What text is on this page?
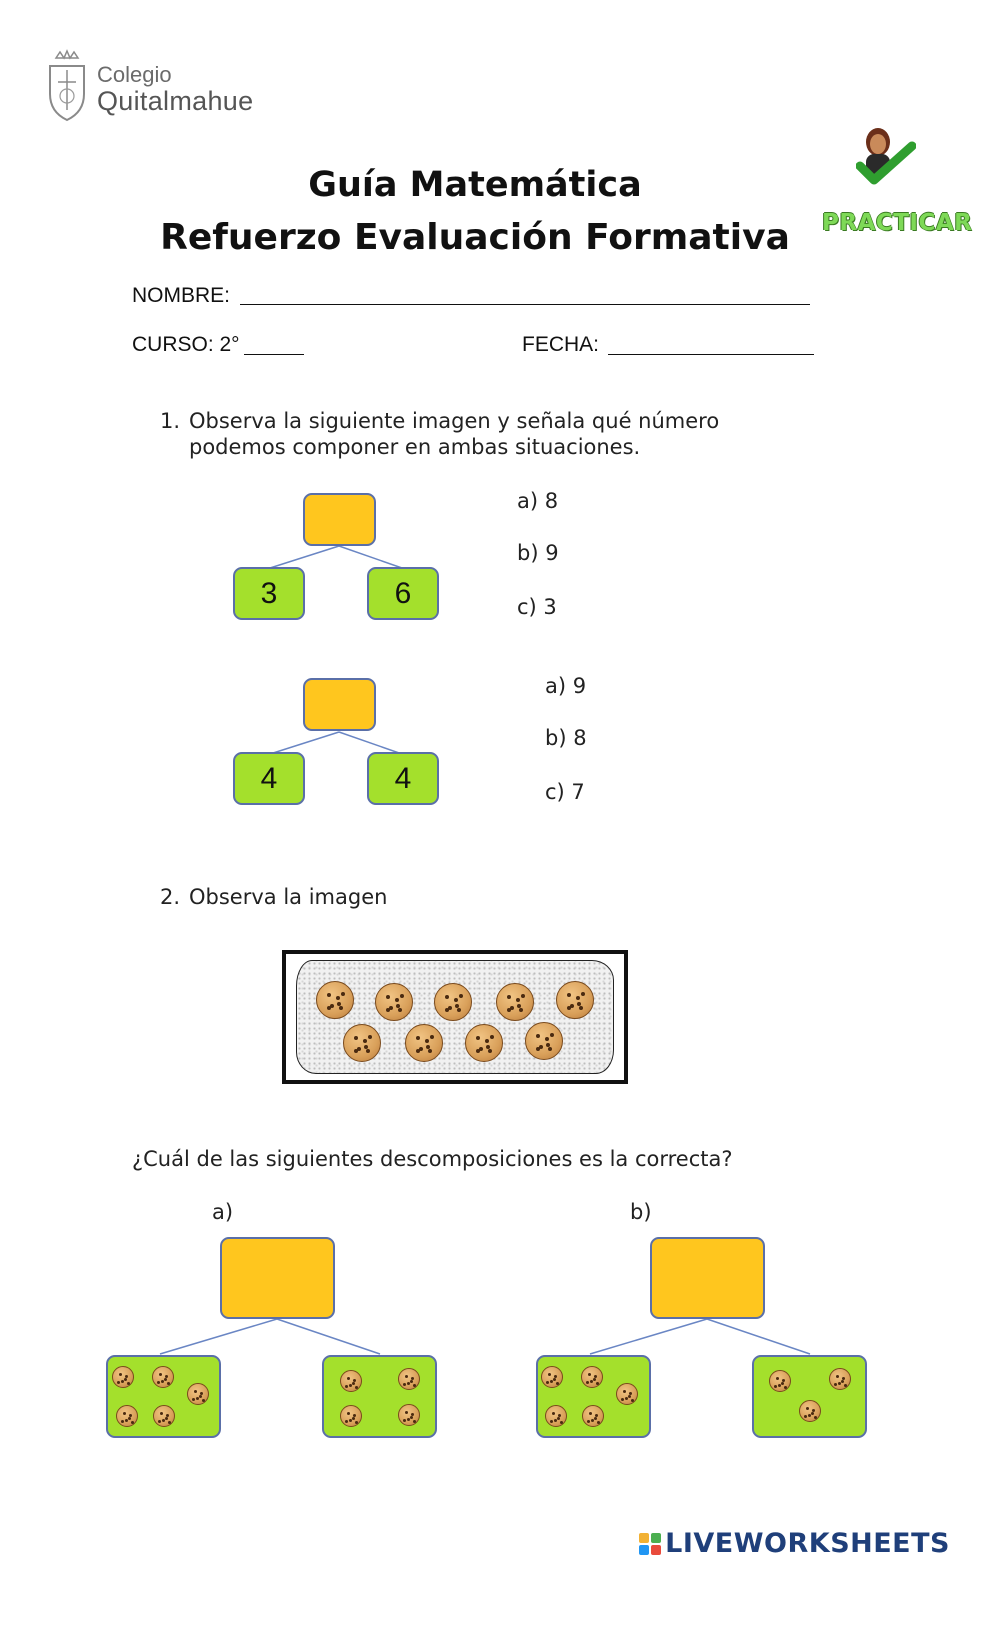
Colegio
Quitalmahue
Guía Matemática
Refuerzo Evaluación Formativa	PRACTICAR
NOMBRE:
CURSO: 2°	FECHA:
1. Observa la siguiente imagen y señala qué número
podemos componer en ambas situaciones.
3	6
a) 8
b) 9
c) 3
4	4
a) 9
b) 8
c) 7
2. Observa la imagen
¿Cuál de las siguientes descomposiciones es la correcta?
a)	b)
LIVEWORKSHEETS
